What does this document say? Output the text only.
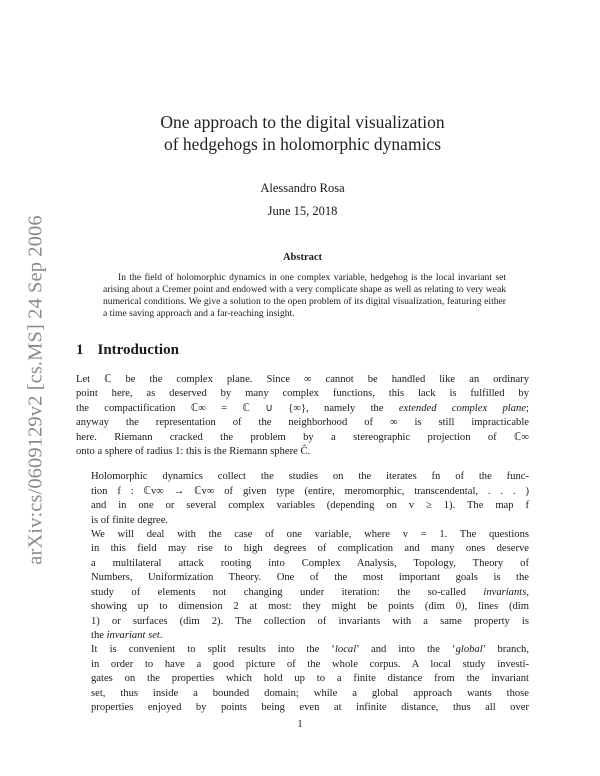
arXiv:cs/0609129v2 [cs.MS] 24 Sep 2006
One approach to the digital visualization
of hedgehogs in holomorphic dynamics
Alessandro Rosa
June 15, 2018
Abstract
In the field of holomorphic dynamics in one complex variable, hedgehog is the local invariant set arising about a Cremer point and endowed with a very complicate shape as well as relating to very weak numerical conditions. We give a solution to the open problem of its digital visualization, featuring either a time saving approach and a far-reaching insight.
1 Introduction

Let ℂ be the complex plane. Since ∞ cannot be handled like an ordinary
point here, as deserved by many complex functions, this lack is fulfilled by
the compactification ℂ∞ = ℂ ∪ {∞}, namely the extended complex plane;
anyway the representation of the neighborhood of ∞ is still impracticable
here. Riemann cracked the problem by a stereographic projection of ℂ∞
onto a sphere of radius 1: this is the Riemann sphere Ĉ.

Holomorphic dynamics collect the studies on the iterates fn of the func-
tion f : ℂv∞ → ℂv∞ of given type (entire, meromorphic, transcendental, . . . )
and in one or several complex variables (depending on v ≥ 1). The map f
is of finite degree.

We will deal with the case of one variable, where v = 1. The questions
in this field may rise to high degrees of complication and many ones deserve
a multilateral attack rooting into Complex Analysis, Topology, Theory of
Numbers, Uniformization Theory. One of the most important goals is the
study of elements not changing under iteration: the so-called invariants,
showing up to dimension 2 at most: they might be points (dim 0), lines (dim
1) or surfaces (dim 2). The collection of invariants with a same property is
the invariant set.

It is convenient to split results into the ‘local’ and into the ‘global’ branch,
in order to have a good picture of the whole corpus. A local study investi-
gates on the properties which hold up to a finite distance from the invariant
set, thus inside a bounded domain; while a global approach wants those
properties enjoyed by points being even at infinite distance, thus all over

1
